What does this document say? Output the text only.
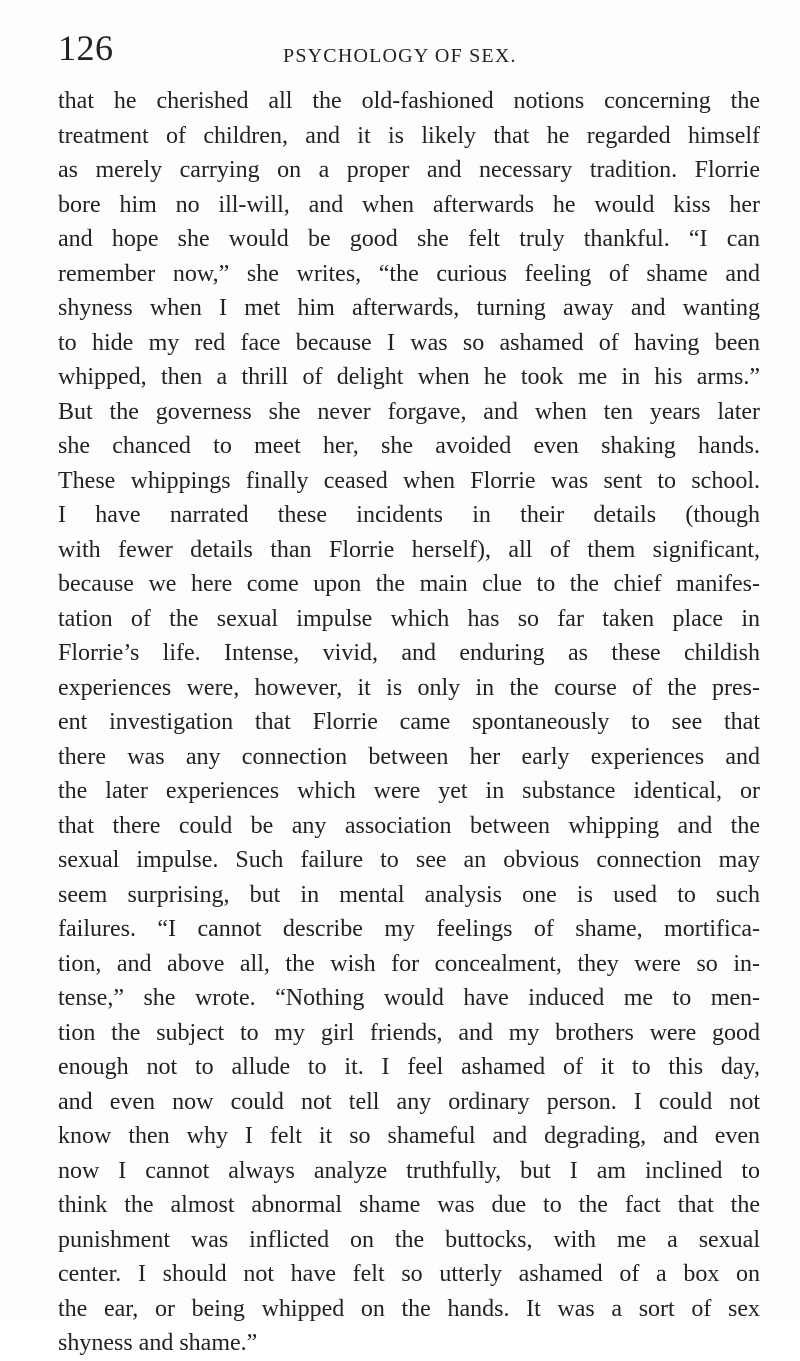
126	PSYCHOLOGY OF SEX.
that he cherished all the old-fashioned notions concerning the
treatment of children, and it is likely that he regarded himself
as merely carrying on a proper and necessary tradition. Florrie
bore him no ill-will, and when afterwards he would kiss her
and hope she would be good she felt truly thankful. “I can
remember now,” she writes, “the curious feeling of shame and
shyness when I met him afterwards, turning away and wanting
to hide my red face because I was so ashamed of having been
whipped, then a thrill of delight when he took me in his arms.”
But the governess she never forgave, and when ten years later
she chanced to meet her, she avoided even shaking hands.
These whippings finally ceased when Florrie was sent to school.
I have narrated these incidents in their details (though
with fewer details than Florrie herself), all of them significant,
because we here come upon the main clue to the chief manifes-
tation of the sexual impulse which has so far taken place in
Florrie’s life. Intense, vivid, and enduring as these childish
experiences were, however, it is only in the course of the pres-
ent investigation that Florrie came spontaneously to see that
there was any connection between her early experiences and
the later experiences which were yet in substance identical, or
that there could be any association between whipping and the
sexual impulse. Such failure to see an obvious connection may
seem surprising, but in mental analysis one is used to such
failures. “I cannot describe my feelings of shame, mortifica-
tion, and above all, the wish for concealment, they were so in-
tense,” she wrote. “Nothing would have induced me to men-
tion the subject to my girl friends, and my brothers were good
enough not to allude to it. I feel ashamed of it to this day,
and even now could not tell any ordinary person. I could not
know then why I felt it so shameful and degrading, and even
now I cannot always analyze truthfully, but I am inclined to
think the almost abnormal shame was due to the fact that the
punishment was inflicted on the buttocks, with me a sexual
center. I should not have felt so utterly ashamed of a box on
the ear, or being whipped on the hands. It was a sort of sex
shyness and shame.”
